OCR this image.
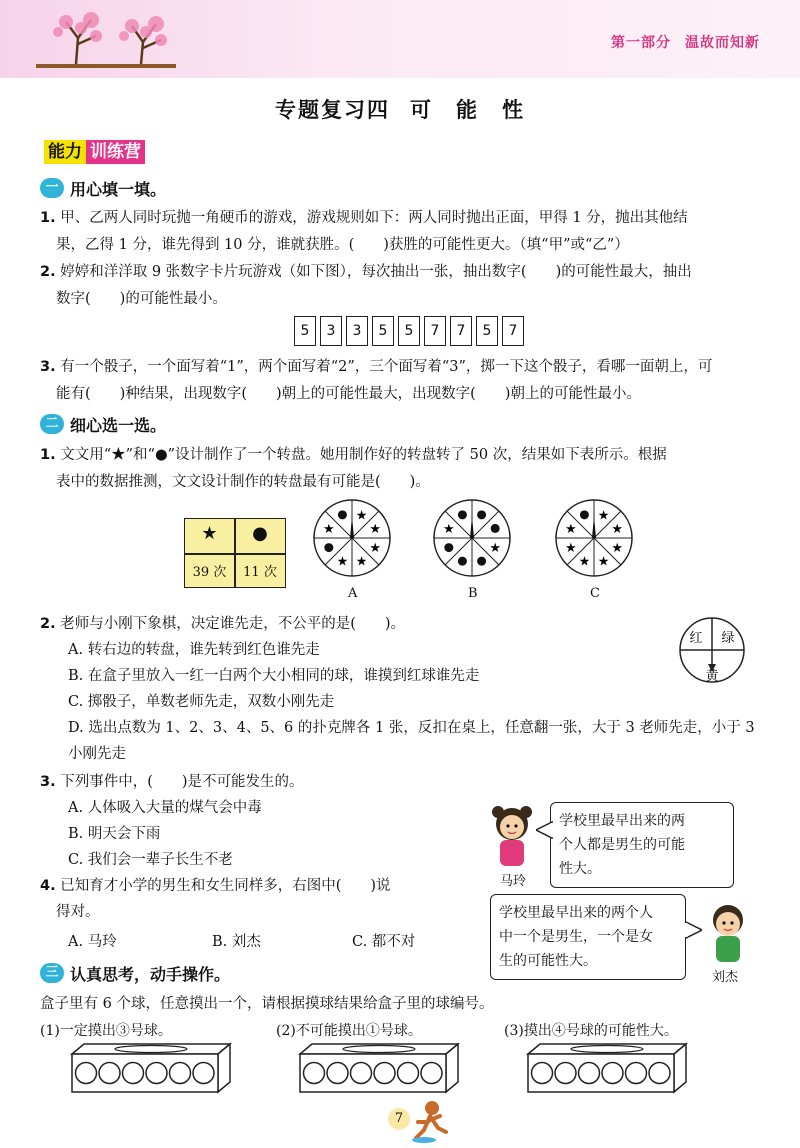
第一部分 温故而知新
专题复习四 可　能　性
能力 训练营
一 用心填一填。
1. 甲、乙两人同时玩抛一角硬币的游戏，游戏规则如下：两人同时抛出正面，甲得 1 分，抛出其他结
果，乙得 1 分，谁先得到 10 分，谁就获胜。(　　)获胜的可能性更大。（填“甲”或“乙”）
2. 婷婷和洋洋取 9 张数字卡片玩游戏（如下图），每次抽出一张，抽出数字(　　)的可能性最大，抽出
数字(　　)的可能性最小。
5	3	3	5	5	7	7	5	7
3. 有一个骰子，一个面写着“1”，两个面写着“2”，三个面写着“3”，掷一下这个骰子，看哪一面朝上，可
能有(　　)种结果，出现数字(　　)朝上的可能性最大，出现数字(　　)朝上的可能性最小。
二 细心选一选。
1. 文文用“★”和“●”设计制作了一个转盘。她用制作好的转盘转了 50 次，结果如下表所示。根据
表中的数据推测，文文设计制作的转盘最有可能是(　　)。
★	●
39 次	11 次
★
★
★
★
★
★
★
★
★
★
★
★
★
★
★
A	B	C
2. 老师与小刚下象棋，决定谁先走，不公平的是(　　)。
A. 转右边的转盘，谁先转到红色谁先走
B. 在盒子里放入一红一白两个大小相同的球，谁摸到红球谁先走
C. 掷骰子，单数老师先走，双数小刚先走
D. 选出点数为 1、2、3、4、5、6 的扑克牌各 1 张，反扣在桌上，任意翻一张，大于 3 老师先走，小于 3
小刚先走
红 绿
黄
3. 下列事件中，(　　)是不可能发生的。
A. 人体吸入大量的煤气会中毒
B. 明天会下雨
C. 我们会一辈子长生不老
4. 已知育才小学的男生和女生同样多，右图中(　　)说
得对。
A. 马玲	B. 刘杰	C. 都不对
马玲
学校里最早出来的两
个人都是男生的可能
性大。
学校里最早出来的两个人
中一个是男生，一个是女
生的可能性大。
刘杰
三 认真思考，动手操作。
盒子里有 6 个球，任意摸出一个，请根据摸球结果给盒子里的球编号。
(1)一定摸出③号球。	(2)不可能摸出①号球。	(3)摸出④号球的可能性大。
7
